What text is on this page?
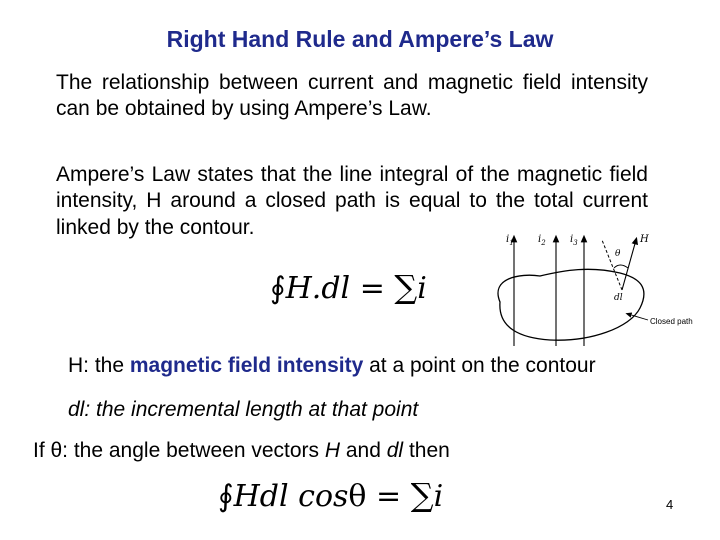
Right Hand Rule and Ampere’s Law
The relationship between current and magnetic field intensity can be obtained by using Ampere’s Law.
Ampere’s Law states that the line integral of the magnetic field intensity, H around a closed path is equal to the total current linked by the contour.
$i_1$ $i_2$ $i_3$
θ
H
dl
Closed path
∮H.dl = ∑i
H: the magnetic field intensity at a point on the contour
dl: the incremental length at that point
If θ: the angle between vectors H and dl then
∮Hdl cosθ = ∑i	4
